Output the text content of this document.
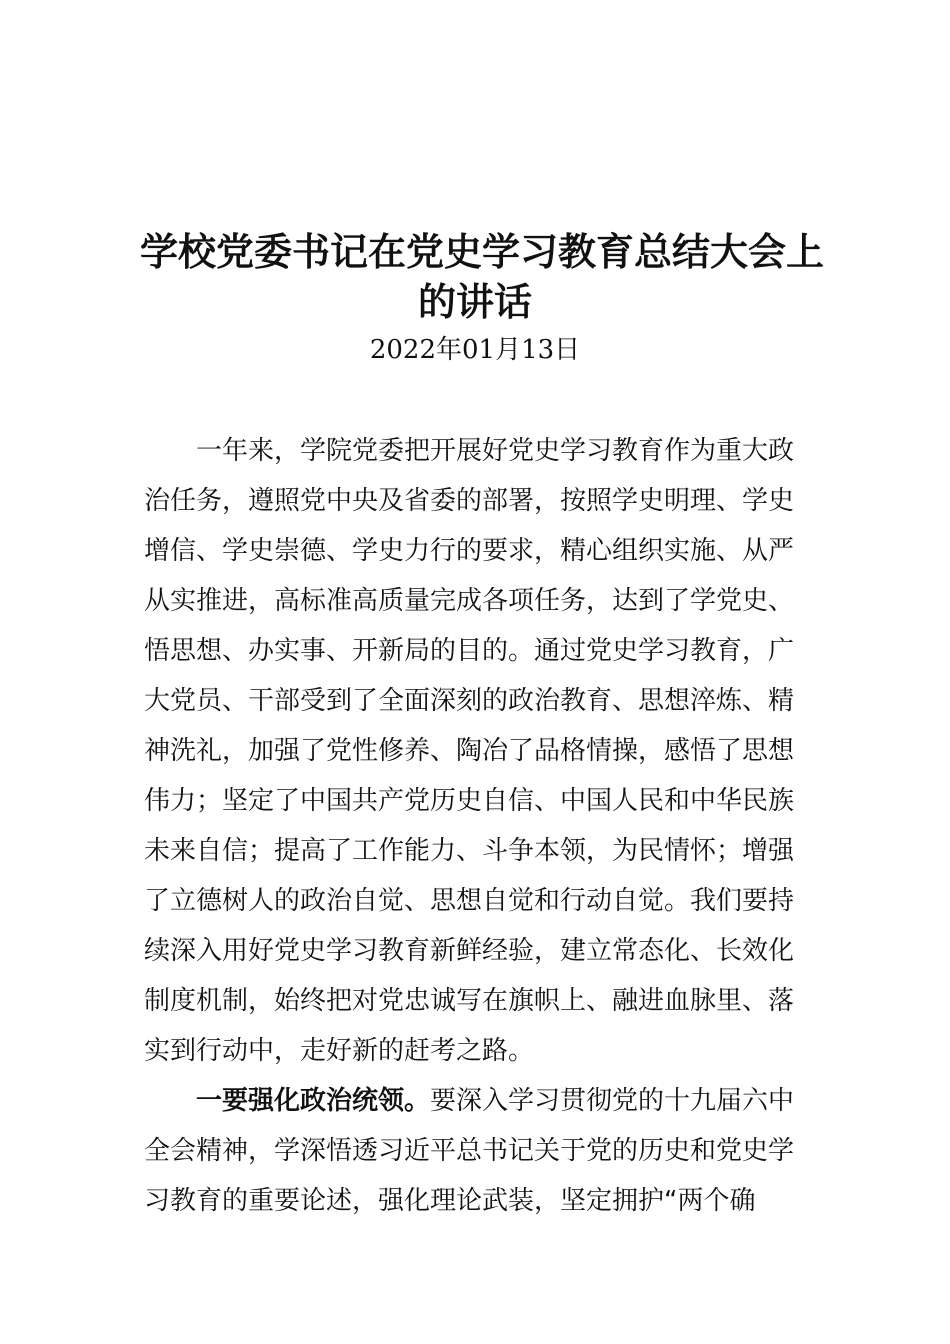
学校党委书记在党史学习教育总结大会上
的讲话

2022年01月13日

一年来，学院党委把开展好党史学习教育作为重大政
治任务，遵照党中央及省委的部署，按照学史明理、学史
增信、学史崇德、学史力行的要求，精心组织实施、从严
从实推进，高标准高质量完成各项任务，达到了学党史、
悟思想、办实事、开新局的目的。通过党史学习教育，广
大党员、干部受到了全面深刻的政治教育、思想淬炼、精
神洗礼，加强了党性修养、陶冶了品格情操，感悟了思想
伟力；坚定了中国共产党历史自信、中国人民和中华民族
未来自信；提高了工作能力、斗争本领，为民情怀；增强
了立德树人的政治自觉、思想自觉和行动自觉。我们要持
续深入用好党史学习教育新鲜经验，建立常态化、长效化
制度机制，始终把对党忠诚写在旗帜上、融进血脉里、落
实到行动中，走好新的赶考之路。

一要强化政治统领。要深入学习贯彻党的十九届六中
全会精神，学深悟透习近平总书记关于党的历史和党史学
习教育的重要论述，强化理论武装，坚定拥护“两个确
